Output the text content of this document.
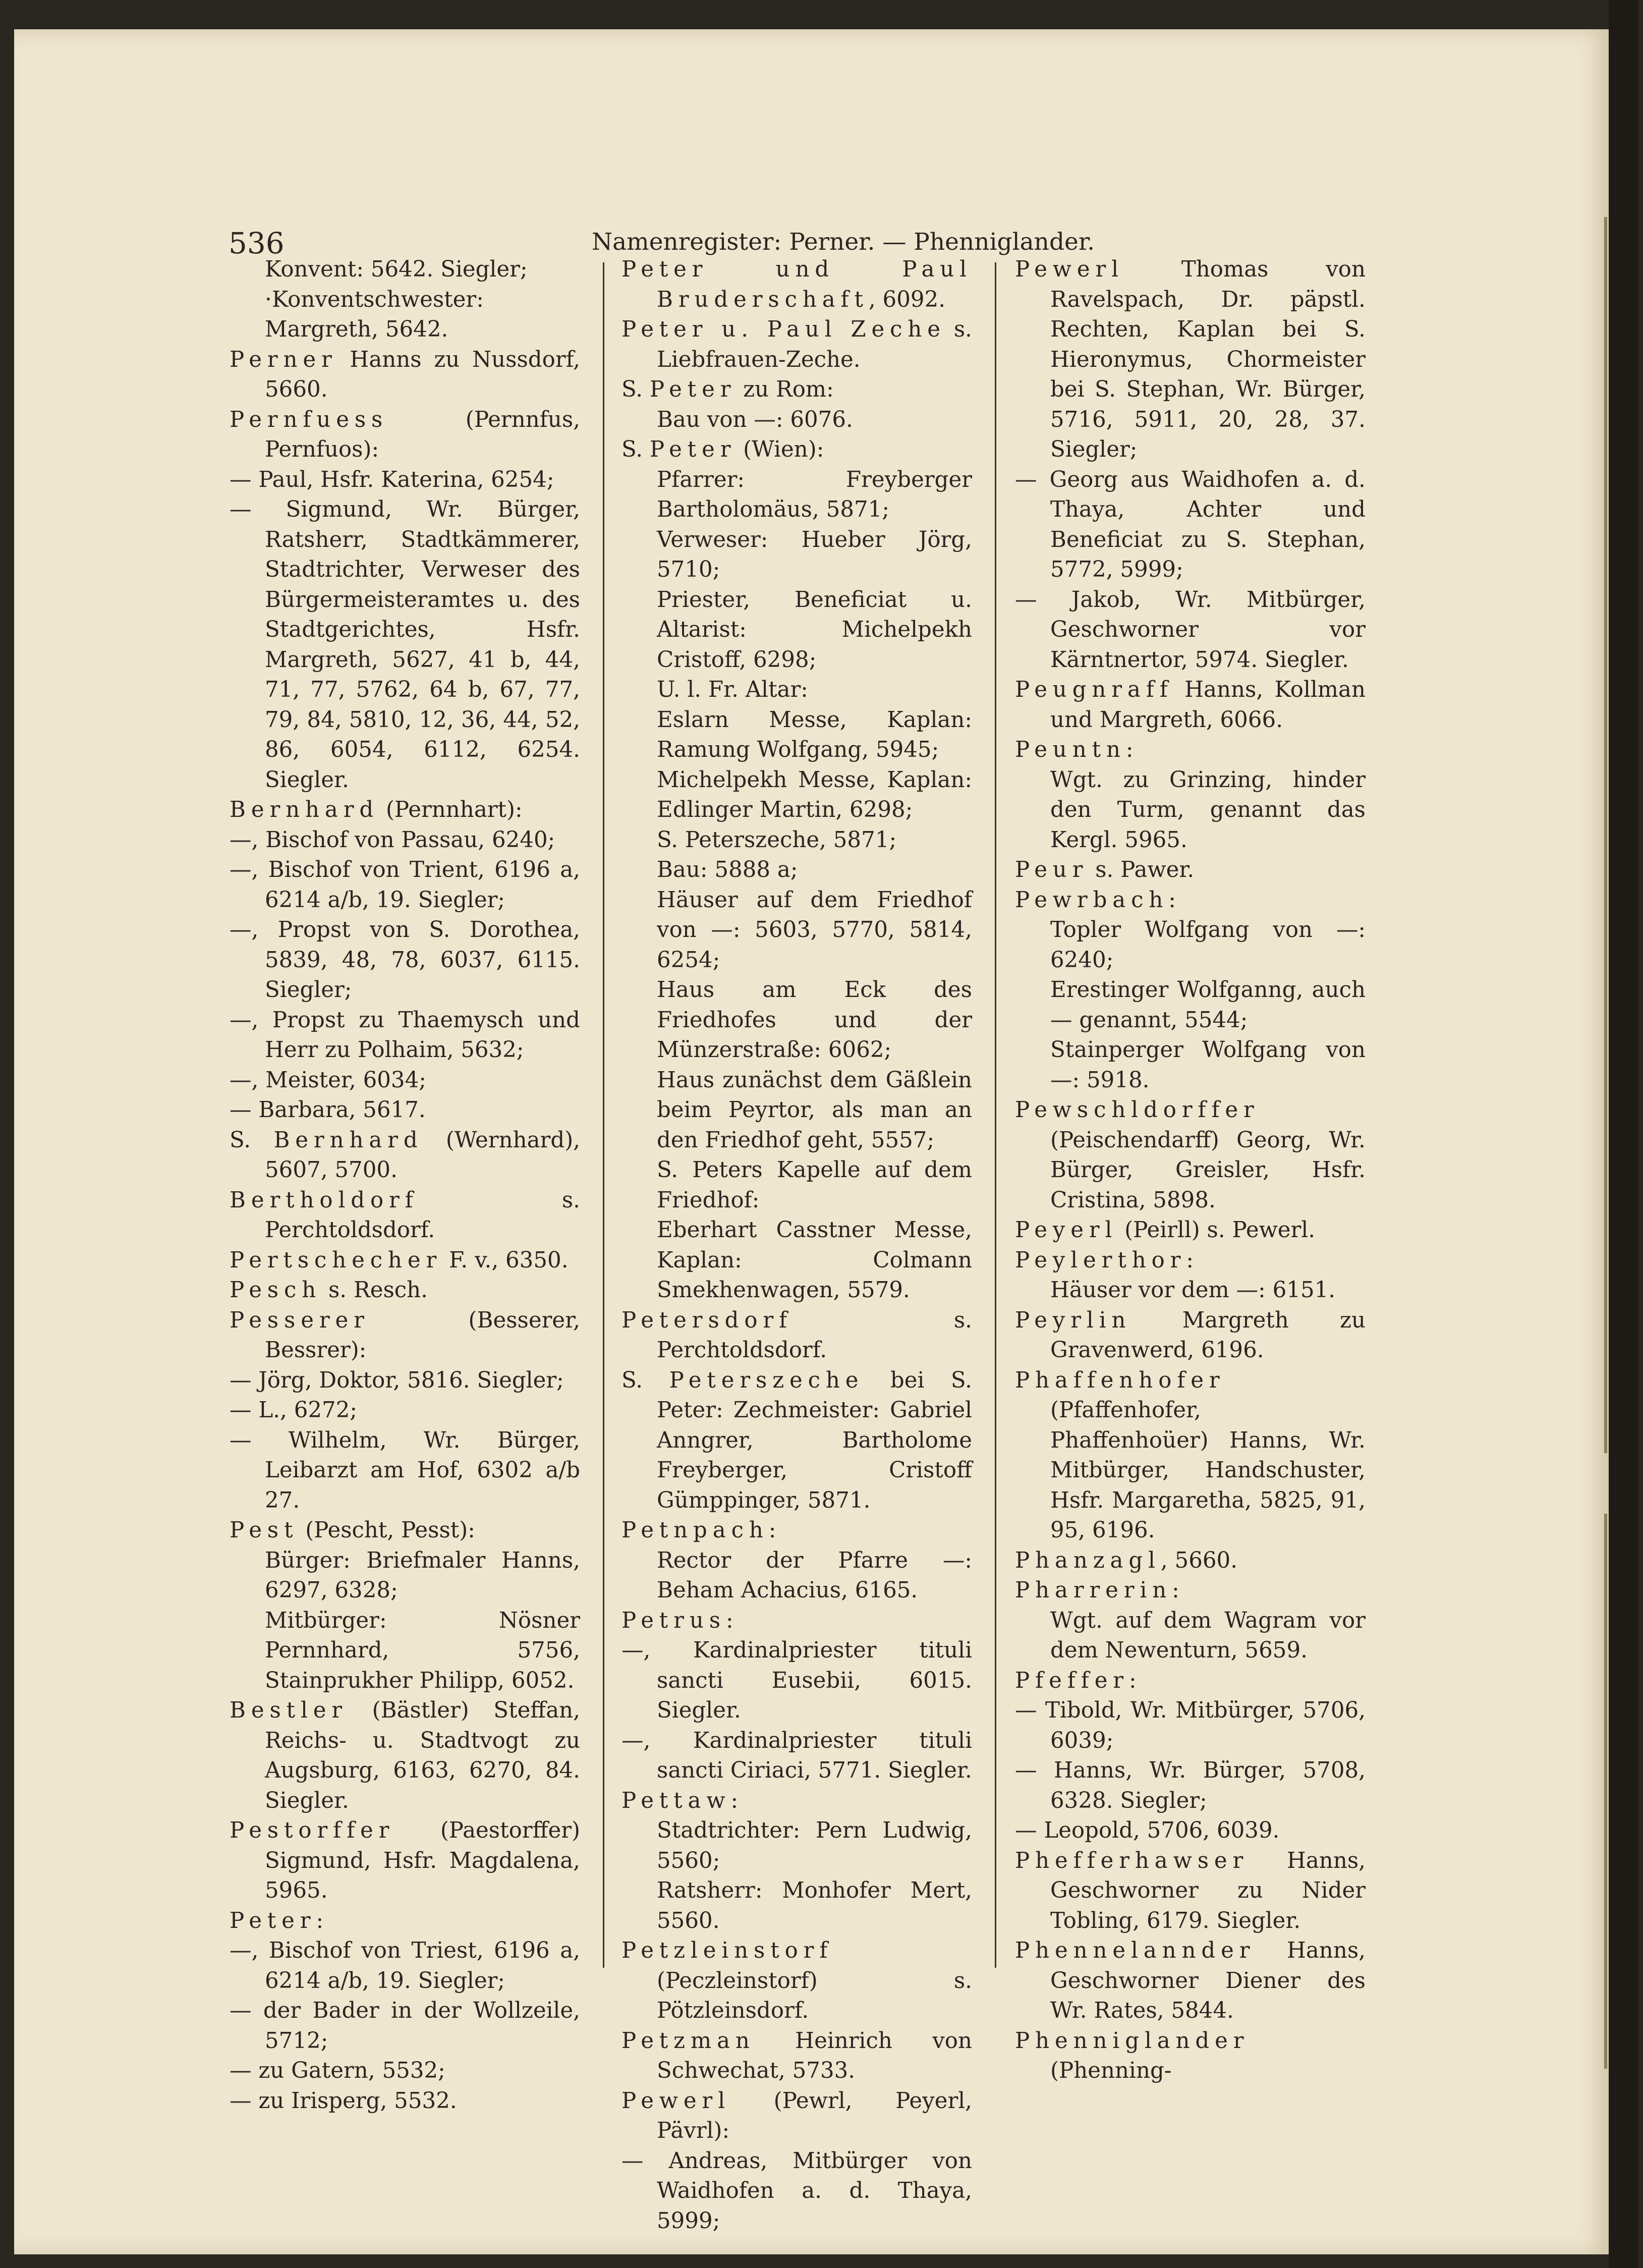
536	Namenregister: Perner. — Phenniglander.
Konvent: 5642. Siegler;
·Konventschwester: Margreth, 5642.
Perner Hanns zu Nussdorf, 5660.
Pernfuess (Pernnfus, Pernfuos):
— Paul, Hsfr. Katerina, 6254;
— Sigmund, Wr. Bürger, Ratsherr, Stadtkämmerer, Stadtrichter, Verweser des Bürgermeisteramtes u. des Stadtgerichtes, Hsfr. Margreth, 5627, 41 b, 44, 71, 77, 5762, 64 b, 67, 77, 79, 84, 5810, 12, 36, 44, 52, 86, 6054, 6112, 6254. Siegler.
Bernhard (Pernnhart):
—, Bischof von Passau, 6240;
—, Bischof von Trient, 6196 a, 6214 a/b, 19. Siegler;
—, Propst von S. Dorothea, 5839, 48, 78, 6037, 6115. Siegler;
—, Propst zu Thaemysch und Herr zu Polhaim, 5632;
—, Meister, 6034;
— Barbara, 5617.
S. Bernhard (Wernhard), 5607, 5700.
Bertholdorf s. Perchtoldsdorf.
Pertschecher F. v., 6350.
Pesch s. Resch.
Pesserer (Besserer, Bessrer):
— Jörg, Doktor, 5816. Siegler;
— L., 6272;
— Wilhelm, Wr. Bürger, Leibarzt am Hof, 6302 a/b 27.
Pest (Pescht, Pesst):
Bürger: Briefmaler Hanns, 6297, 6328;
Mitbürger: Nösner Pernnhard, 5756, Stainprukher Philipp, 6052.
Bestler (Bästler) Steffan, Reichs- u. Stadtvogt zu Augsburg, 6163, 6270, 84. Siegler.
Pestorffer (Paestorffer) Sigmund, Hsfr. Magdalena, 5965.
Peter:
—, Bischof von Triest, 6196 a, 6214 a/b, 19. Siegler;
— der Bader in der Wollzeile, 5712;
— zu Gatern, 5532;
— zu Irisperg, 5532.
Peter und Paul Bruderschaft, 6092.
Peter u. Paul Zeche s. Liebfrauen-Zeche.
S. Peter zu Rom:
Bau von —: 6076.
S. Peter (Wien):
Pfarrer: Freyberger Bartholomäus, 5871;
Verweser: Hueber Jörg, 5710;
Priester, Beneficiat u. Altarist: Michelpekh Cristoff, 6298;
U. l. Fr. Altar:
Eslarn Messe, Kaplan: Ramung Wolfgang, 5945;
Michelpekh Messe, Kaplan: Edlinger Martin, 6298;
S. Peterszeche, 5871;
Bau: 5888 a;
Häuser auf dem Friedhof von —: 5603, 5770, 5814, 6254;
Haus am Eck des Friedhofes und der Münzerstraße: 6062;
Haus zunächst dem Gäßlein beim Peyrtor, als man an den Friedhof geht, 5557;
S. Peters Kapelle auf dem Friedhof:
Eberhart Casstner Messe, Kaplan: Colmann Smekhenwagen, 5579.
Petersdorf s. Perchtoldsdorf.
S. Peterszeche bei S. Peter: Zechmeister: Gabriel Anngrer, Bartholome Freyberger, Cristoff Gümppinger, 5871.
Petnpach:
Rector der Pfarre —: Beham Achacius, 6165.
Petrus:
—, Kardinalpriester tituli sancti Eusebii, 6015. Siegler.
—, Kardinalpriester tituli sancti Ciriaci, 5771. Siegler.
Pettaw:
Stadtrichter: Pern Ludwig, 5560;
Ratsherr: Monhofer Mert, 5560.
Petzleinstorf (Peczleinstorf) s. Pötzleinsdorf.
Petzman Heinrich von Schwechat, 5733.
Pewerl (Pewrl, Peyerl, Pävrl):
— Andreas, Mitbürger von Waidhofen a. d. Thaya, 5999;
Pewerl Thomas von Ravelspach, Dr. päpstl. Rechten, Kaplan bei S. Hieronymus, Chormeister bei S. Stephan, Wr. Bürger, 5716, 5911, 20, 28, 37. Siegler;
— Georg aus Waidhofen a. d. Thaya, Achter und Beneficiat zu S. Stephan, 5772, 5999;
— Jakob, Wr. Mitbürger, Geschworner vor Kärntnertor, 5974. Siegler.
Peugnraff Hanns, Kollman und Margreth, 6066.
Peuntn:
Wgt. zu Grinzing, hinder den Turm, genannt das Kergl. 5965.
Peur s. Pawer.
Pewrbach:
Topler Wolfgang von —: 6240;
Erestinger Wolfganng, auch — genannt, 5544;
Stainperger Wolfgang von —: 5918.
Pewschldorffer (Peischendarff) Georg, Wr. Bürger, Greisler, Hsfr. Cristina, 5898.
Peyerl (Peirll) s. Pewerl.
Peylerthor:
Häuser vor dem —: 6151.
Peyrlin Margreth zu Gravenwerd, 6196.
Phaffenhofer (Pfaffenhofer, Phaffenhoüer) Hanns, Wr. Mitbürger, Handschuster, Hsfr. Margaretha, 5825, 91, 95, 6196.
Phanzagl, 5660.
Pharrerin:
Wgt. auf dem Wagram vor dem Newenturn, 5659.
Pfeffer:
— Tibold, Wr. Mitbürger, 5706, 6039;
— Hanns, Wr. Bürger, 5708, 6328. Siegler;
— Leopold, 5706, 6039.
Phefferhawser Hanns, Geschworner zu Nider Tobling, 6179. Siegler.
Phennelannder Hanns, Geschworner Diener des Wr. Rates, 5844.
Phenniglander (Phenning-
